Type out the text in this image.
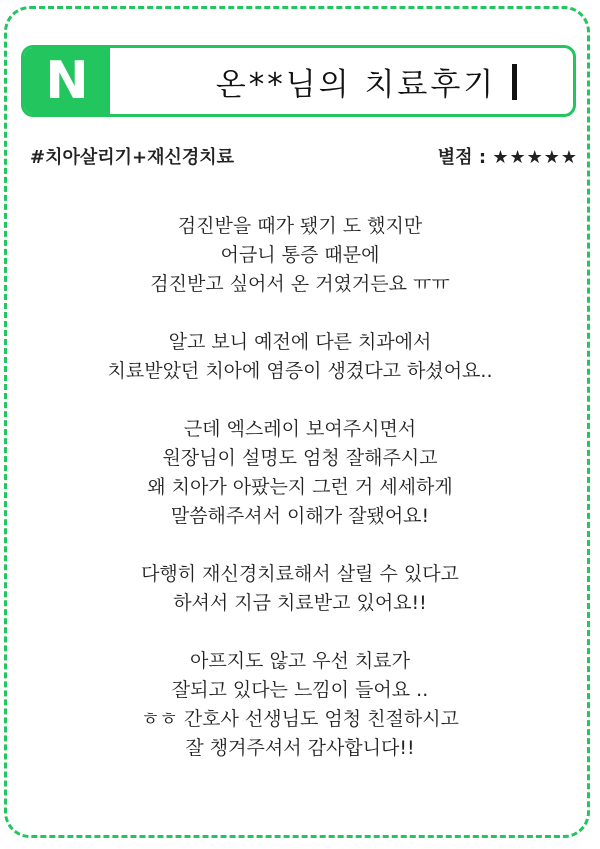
N	온**님의 치료후기
#치아살리기+재신경치료	별점 : ★★★★★
검진받을 때가 됐기 도 했지만
어금니 통증 때문에
검진받고 싶어서 온 거였거든요 ㅠㅠ
알고 보니 예전에 다른 치과에서
치료받았던 치아에 염증이 생겼다고 하셨어요..
근데 엑스레이 보여주시면서
원장님이 설명도 엄청 잘해주시고
왜 치아가 아팠는지 그런 거 세세하게
말씀해주셔서 이해가 잘됐어요!
다행히 재신경치료해서 살릴 수 있다고
하셔서 지금 치료받고 있어요!!
아프지도 않고 우선 치료가
잘되고 있다는 느낌이 들어요 ..
ㅎㅎ 간호사 선생님도 엄청 친절하시고
잘 챙겨주셔서 감사합니다!!
